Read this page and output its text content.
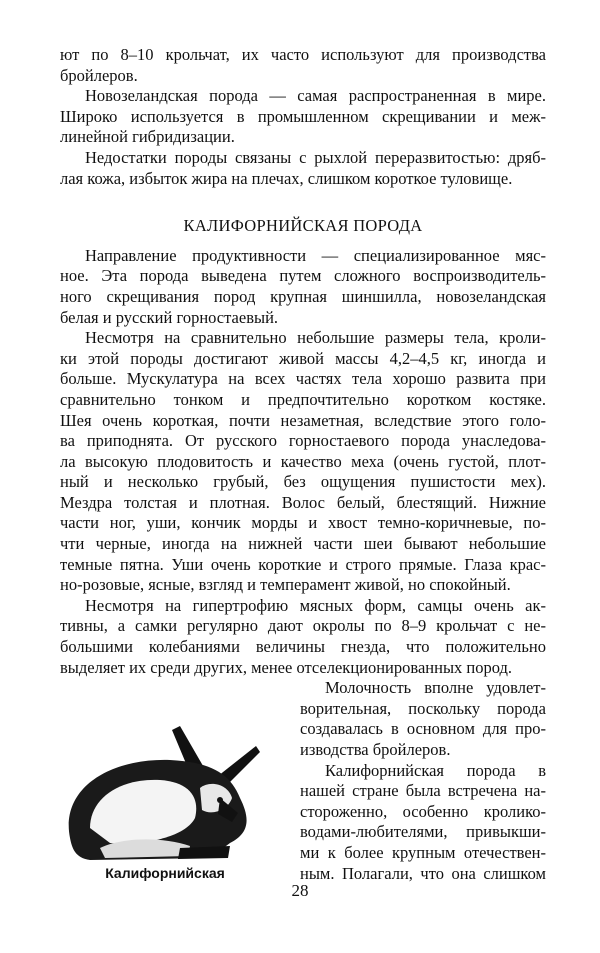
ют по 8–10 крольчат, их часто используют для производства
бройлеров.
Новозеландская порода — самая распространенная в мире.
Широко используется в промышленном скрещивании и меж-
линейной гибридизации.
Недостатки породы связаны с рыхлой переразвитостью: дряб-
лая кожа, избыток жира на плечах, слишком короткое туловище.
КАЛИФОРНИЙСКАЯ ПОРОДА
Направление продуктивности — специализированное мяс-
ное. Эта порода выведена путем сложного воспроизводитель-
ного скрещивания пород крупная шиншилла, новозеландская
белая и русский горностаевый.
Несмотря на сравнительно небольшие размеры тела, кроли-
ки этой породы достигают живой массы 4,2–4,5 кг, иногда и
больше. Мускулатура на всех частях тела хорошо развита при
сравнительно тонком и предпочтительно коротком костяке.
Шея очень короткая, почти незаметная, вследствие этого голо-
ва приподнята. От русского горностаевого порода унаследова-
ла высокую плодовитость и качество меха (очень густой, плот-
ный и несколько грубый, без ощущения пушистости мех).
Мездра толстая и плотная. Волос белый, блестящий. Нижние
части ног, уши, кончик морды и хвост темно-коричневые, по-
чти черные, иногда на нижней части шеи бывают небольшие
темные пятна. Уши очень короткие и строго прямые. Глаза крас-
но-розовые, ясные, взгляд и темперамент живой, но спокойный.
Несмотря на гипертрофию мясных форм, самцы очень ак-
тивны, а самки регулярно дают окролы по 8–9 крольчат с не-
большими колебаниями величины гнезда, что положительно
выделяет их среди других, менее отселекционированных пород.
Калифорнийская
Молочность вполне удовлет-
ворительная, поскольку порода
создавалась в основном для про-
изводства бройлеров.
Калифорнийская порода в
нашей стране была встречена на-
стороженно, особенно кролико-
водами-любителями, привыкши-
ми к более крупным отечествен-
ным. Полагали, что она слишком
28
